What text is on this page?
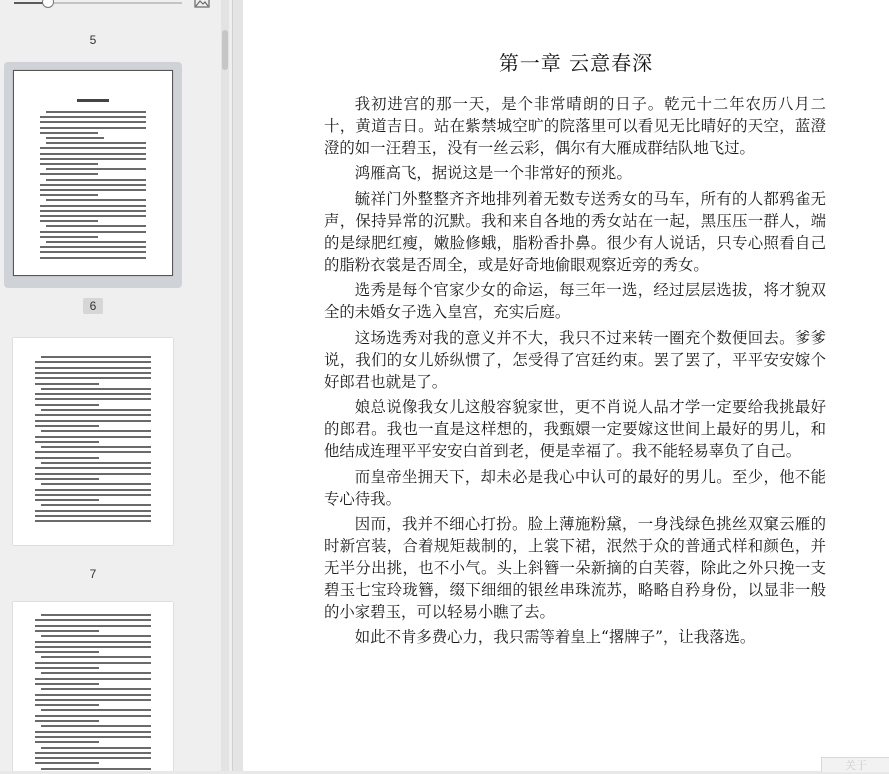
5
6
7
第一章 云意春深

我初进宫的那一天，是个非常晴朗的日子。乾元十二年农历八月二十，黄道吉日。站在紫禁城空旷的院落里可以看见无比晴好的天空，蓝澄澄的如一汪碧玉，没有一丝云彩，偶尔有大雁成群结队地飞过。

鸿雁高飞，据说这是一个非常好的预兆。

毓祥门外整整齐齐地排列着无数专送秀女的马车，所有的人都鸦雀无声，保持异常的沉默。我和来自各地的秀女站在一起，黑压压一群人，端的是绿肥红瘦，嫩脸修蛾，脂粉香扑鼻。很少有人说话，只专心照看自己的脂粉衣裳是否周全，或是好奇地偷眼观察近旁的秀女。

选秀是每个官家少女的命运，每三年一选，经过层层选拔，将才貌双全的未婚女子选入皇宫，充实后庭。

这场选秀对我的意义并不大，我只不过来转一圈充个数便回去。爹爹说，我们的女儿娇纵惯了，怎受得了宫廷约束。罢了罢了，平平安安嫁个好郎君也就是了。

娘总说像我女儿这般容貌家世，更不肖说人品才学一定要给我挑最好的郎君。我也一直是这样想的，我甄嬛一定要嫁这世间上最好的男儿，和他结成连理平平安安白首到老，便是幸福了。我不能轻易辜负了自己。

而皇帝坐拥天下，却未必是我心中认可的最好的男儿。至少，他不能专心待我。

因而，我并不细心打扮。脸上薄施粉黛，一身浅绿色挑丝双窠云雁的时新宫装，合着规矩裁制的，上裳下裙，泯然于众的普通式样和颜色，并无半分出挑，也不小气。头上斜簪一朵新摘的白芙蓉，除此之外只挽一支碧玉七宝玲珑簪，缀下细细的银丝串珠流苏，略略自矜身份，以显非一般的小家碧玉，可以轻易小瞧了去。

如此不肯多费心力，我只需等着皇上“撂牌子”，让我落选。

关于
